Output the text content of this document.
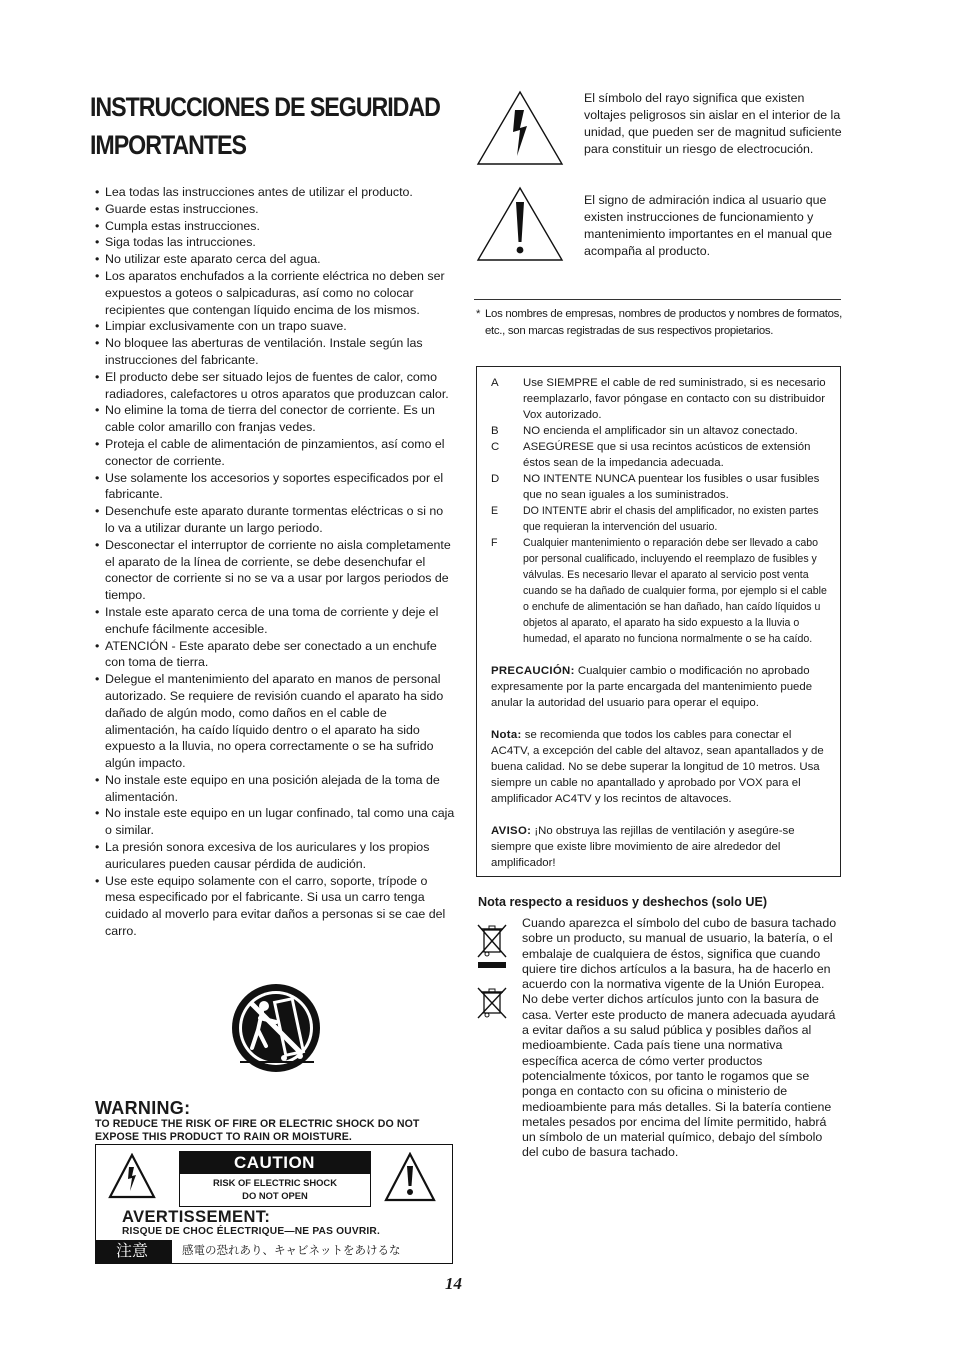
INSTRUCCIONES DE SEGURIDAD
IMPORTANTES
• Lea todas las instrucciones antes de utilizar el producto.
• Guarde estas instrucciones.
• Cumpla estas instrucciones.
• Siga todas las intrucciones.
• No utilizar este aparato cerca del agua.
• Los aparatos enchufados a la corriente eléctrica no deben ser expuestos a goteos o salpicaduras, así como no colocar recipientes que contengan líquido encima de los mismos.
• Limpiar exclusivamente con un trapo suave.
• No bloquee las aberturas de ventilación. Instale según las instrucciones del fabricante.
• El producto debe ser situado lejos de fuentes de calor, como radiadores, calefactores u otros aparatos que produzcan calor.
• No elimine la toma de tierra del conector de corriente. Es un cable color amarillo con franjas vedes.
• Proteja el cable de alimentación de pinzamientos, así como el conector de corriente.
• Use solamente los accesorios y soportes especificados por el fabricante.
• Desenchufe este aparato durante tormentas eléctricas o si no lo va a utilizar durante un largo periodo.
• Desconectar el interruptor de corriente no aisla completamente el aparato de la línea de corriente, se debe desenchufar el conector de corriente si no se va a usar por largos periodos de tiempo.
• Instale este aparato cerca de una toma de corriente y deje el enchufe fácilmente accesible.
• ATENCIÓN - Este aparato debe ser conectado a un enchufe con toma de tierra.
• Delegue el mantenimiento del aparato en manos de personal autorizado. Se requiere de revisión cuando el aparato ha sido dañado de algún modo, como daños en el cable de alimentación, ha caído líquido dentro o el aparato ha sido expuesto a la lluvia, no opera correctamente o se ha sufrido algún impacto.
• No instale este equipo en una posición alejada de la toma de alimentación.
• No instale este equipo en un lugar confinado, tal como una caja o similar.
• La presión sonora excesiva de los auriculares y los propios auriculares pueden causar pérdida de audición.
• Use este equipo solamente con el carro, soporte, trípode o mesa especificado por el fabricante. Si usa un carro tenga cuidado al moverlo para evitar daños a personas si se cae del carro.
WARNING:
TO REDUCE THE RISK OF FIRE OR ELECTRIC SHOCK DO NOT
EXPOSE THIS PRODUCT TO RAIN OR MOISTURE.
CAUTION
RISK OF ELECTRIC SHOCK
DO NOT OPEN
AVERTISSEMENT:
RISQUE DE CHOC ÉLECTRIQUE—NE PAS OUVRIR.
注意	感電の恐れあり、キャビネットをあけるな
14
El símbolo del rayo significa que existen voltajes peligrosos sin aislar en el interior de la unidad, que pueden ser de magnitud suficiente para constituir un riesgo de electrocución.
El signo de admiración indica al usuario que existen instrucciones de funcionamiento y mantenimiento importantes en el manual que acompaña al producto.
* Los nombres de empresas, nombres de productos y nombres de formatos, etc., son marcas registradas de sus respectivos propietarios.
A	Use SIEMPRE el cable de red suministrado, si es necesario reemplazarlo, favor póngase en contacto con su distribuidor Vox autorizado.
B	NO encienda el amplificador sin un altavoz conectado.
C	ASEGÚRESE que si usa recintos acústicos de extensión éstos sean de la impedancia adecuada.
D	NO INTENTE NUNCA puentear los fusibles o usar fusibles que no sean iguales a los suministrados.
E	DO INTENTE abrir el chasis del amplificador, no existen partes que requieran la intervención del usuario.
F	Cualquier mantenimiento o reparación debe ser llevado a cabo por personal cualificado, incluyendo el reemplazo de fusibles y válvulas. Es necesario llevar el aparato al servicio post venta cuando se ha dañado de cualquier forma, por ejemplo si el cable o enchufe de alimentación se han dañado, han caído líquidos u objetos al aparato, el aparato ha sido expuesto a la lluvia o humedad, el aparato no funciona normalmente o se ha caído.
PRECAUCIÓN: Cualquier cambio o modificación no aprobado expresamente por la parte encargada del mantenimiento puede anular la autoridad del usuario para operar el equipo.
Nota: se recomienda que todos los cables para conectar el AC4TV, a excepción del cable del altavoz, sean apantallados y de buena calidad. No se debe superar la longitud de 10 metros. Usa siempre un cable no apantallado y aprobado por VOX para el amplificador AC4TV y los recintos de altavoces.
AVISO: ¡No obstruya las rejillas de ventilación y asegúre-se siempre que existe libre movimiento de aire alrededor del amplificador!
Nota respecto a residuos y deshechos (solo UE)
Cuando aparezca el símbolo del cubo de basura tachado sobre un producto, su manual de usuario, la batería, o el embalaje de cualquiera de éstos, significa que cuando quiere tire dichos artículos a la basura, ha de hacerlo en acuerdo con la normativa vigente de la Unión Europea. No debe verter dichos artículos junto con la basura de casa. Verter este producto de manera adecuada ayudará a evitar daños a su salud pública y posibles daños al medioambiente. Cada país tiene una normativa específica acerca de cómo verter productos potencialmente tóxicos, por tanto le rogamos que se ponga en contacto con su oficina o ministerio de medioambiente para más detalles. Si la batería contiene metales pesados por encima del límite permitido, habrá un símbolo de un material químico, debajo del símbolo del cubo de basura tachado.
